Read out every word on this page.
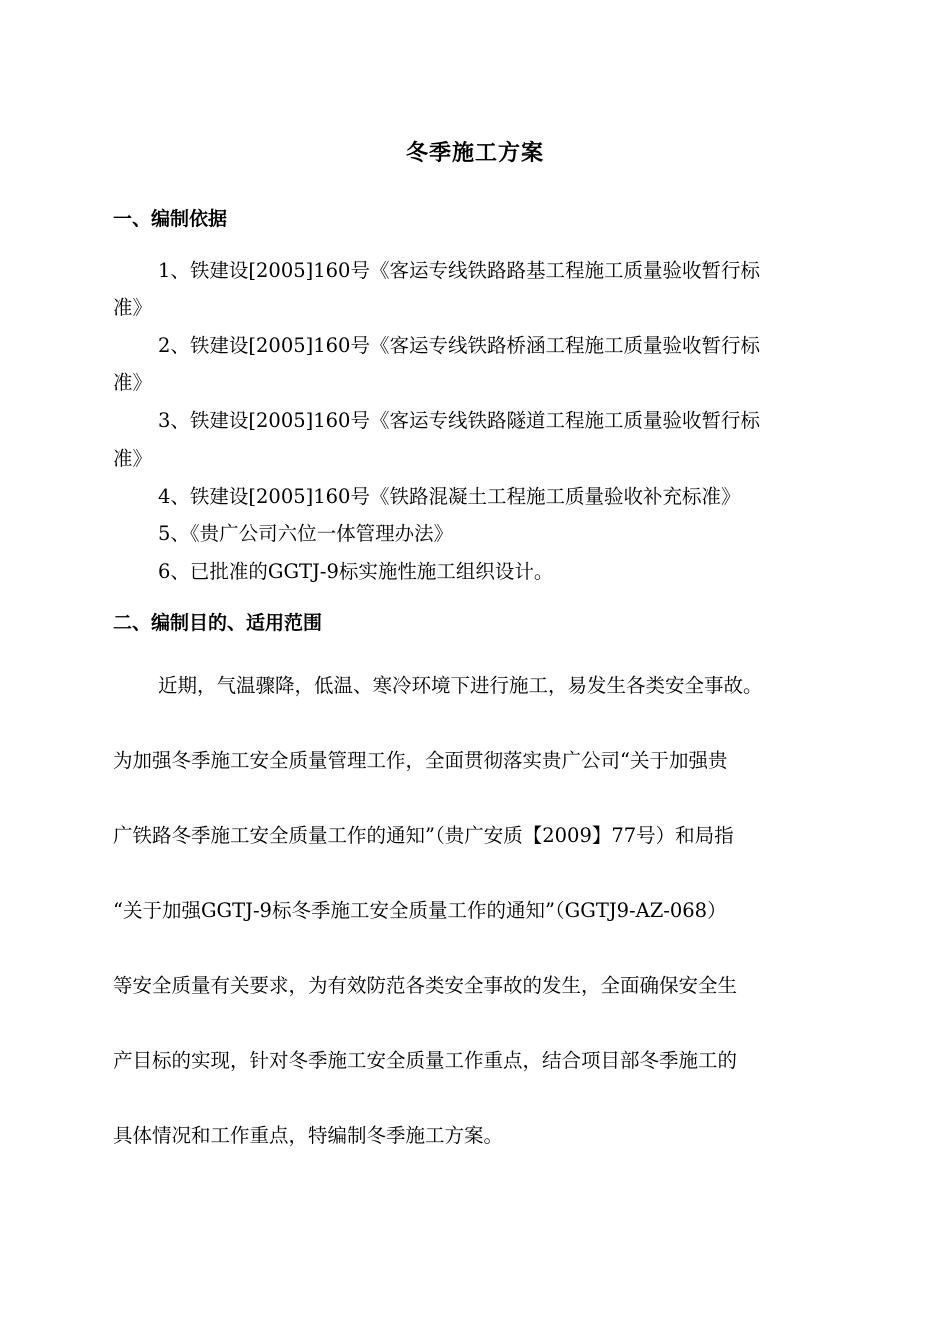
冬季施工方案
一、编制依据
1、铁建设[2005]160号《客运专线铁路路基工程施工质量验收暂行标
准》
2、铁建设[2005]160号《客运专线铁路桥涵工程施工质量验收暂行标
准》
3、铁建设[2005]160号《客运专线铁路隧道工程施工质量验收暂行标
准》
4、铁建设[2005]160号《铁路混凝土工程施工质量验收补充标准》
5、《贵广公司六位一体管理办法》
6、已批准的GGTJ-9标实施性施工组织设计。
二、编制目的、适用范围
近期，气温骤降，低温、寒冷环境下进行施工，易发生各类安全事故。
为加强冬季施工安全质量管理工作，全面贯彻落实贵广公司“关于加强贵
广铁路冬季施工安全质量工作的通知”（贵广安质【2009】77号）和局指
“关于加强GGTJ-9标冬季施工安全质量工作的通知”（GGTJ9-AZ-068）
等安全质量有关要求，为有效防范各类安全事故的发生，全面确保安全生
产目标的实现，针对冬季施工安全质量工作重点，结合项目部冬季施工的
具体情况和工作重点，特编制冬季施工方案。
